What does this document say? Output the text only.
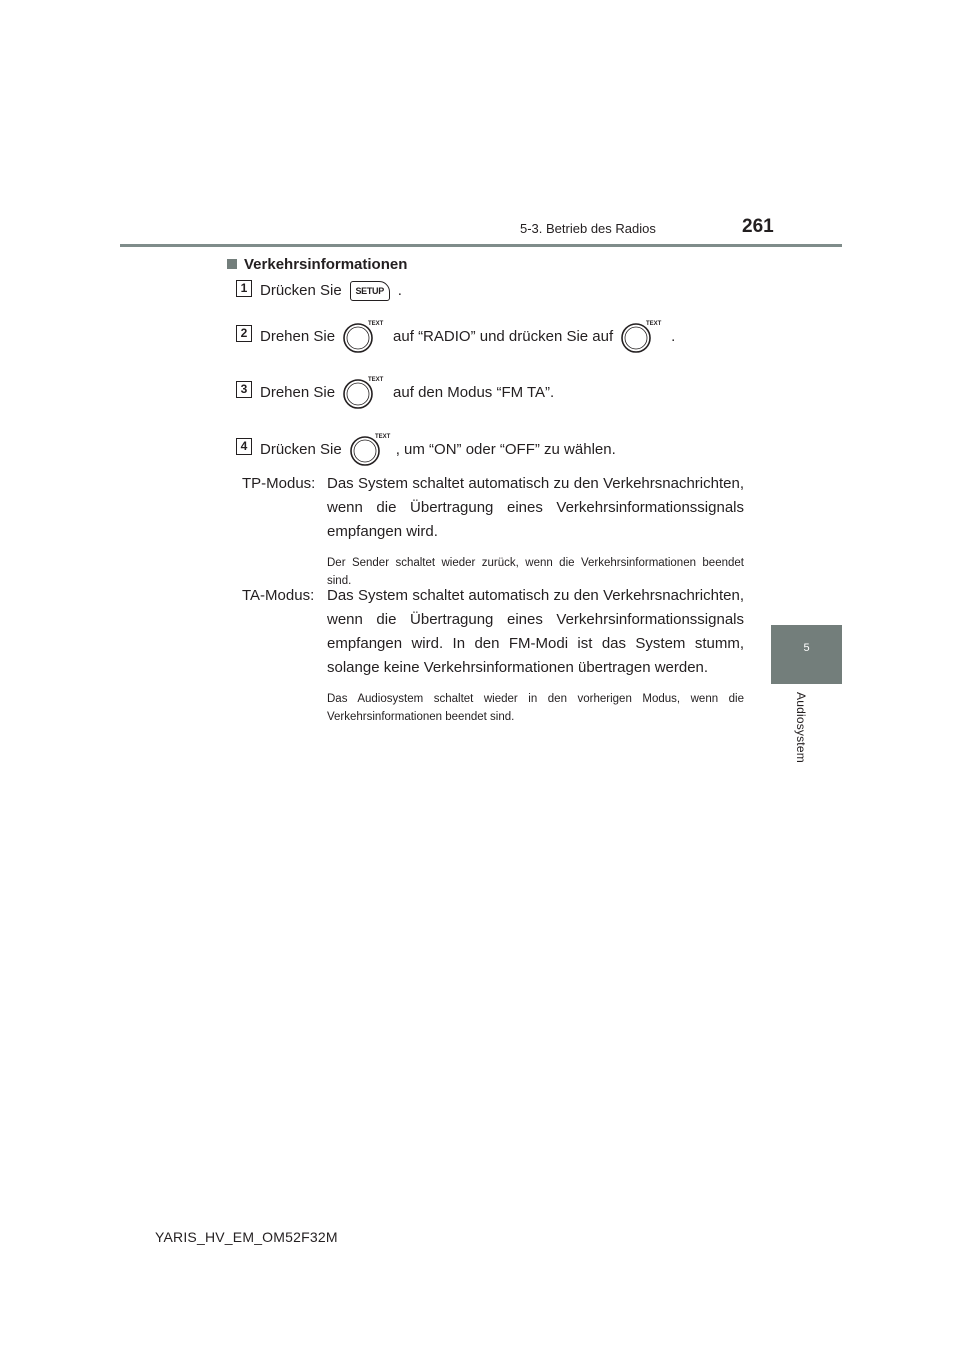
5-3. Betrieb des Radios	261
5
Audiosystem
Verkehrsinformationen
1 Drücken Sie	SETUP .
2 Drehen Sie
TEXT
auf “RADIO” und drücken Sie auf
TEXT
.
3 Drehen Sie
TEXT
auf den Modus “FM TA”.
4 Drücken Sie
TEXT
, um “ON” oder “OFF” zu wählen.
TP-Modus: Das System schaltet automatisch zu den Verkehrsnachrichten, wenn die Übertragung eines Verkehrsinformationssignals empfangen wird.
Der Sender schaltet wieder zurück, wenn die Verkehrsinformationen beendet sind.
TA-Modus: Das System schaltet automatisch zu den Verkehrsnachrichten, wenn die Übertragung eines Verkehrsinformationssignals empfangen wird. In den FM-Modi ist das System stumm, solange keine Verkehrsinformationen übertragen werden.
Das Audiosystem schaltet wieder in den vorherigen Modus, wenn die Verkehrsinformationen beendet sind.
YARIS_HV_EM_OM52F32M
